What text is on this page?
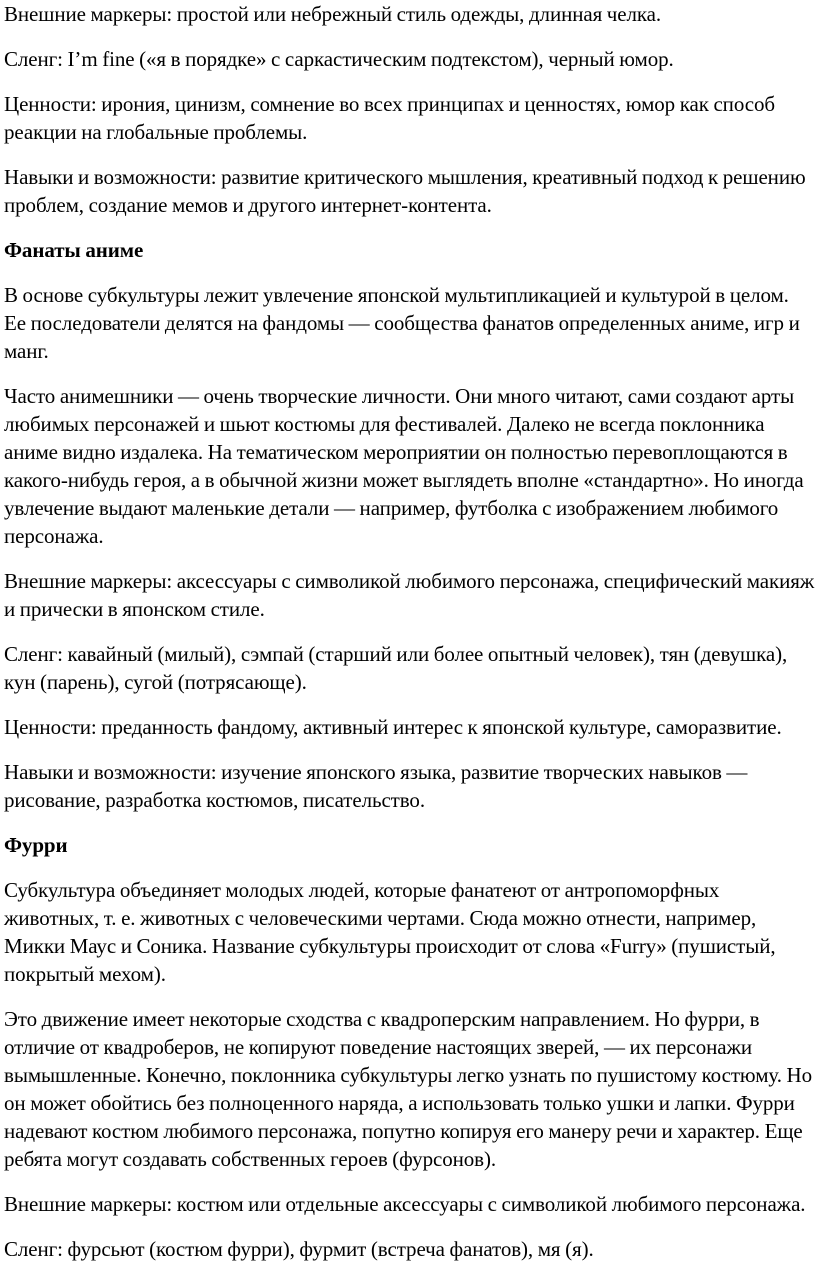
Внешние маркеры: простой или небрежный стиль одежды, длинная челка.

Сленг: I’m fine («я в порядке» с саркастическим подтекстом), черный юмор.

Ценности: ирония, цинизм, сомнение во всех принципах и ценностях, юмор как способ реакции на глобальные проблемы.

Навыки и возможности: развитие критического мышления, креативный подход к решению проблем, создание мемов и другого интернет-контента.

Фанаты аниме

В основе субкультуры лежит увлечение японской мультипликацией и культурой в целом. Ее последователи делятся на фандомы — сообщества фанатов определенных аниме, игр и манг.

Часто анимешники — очень творческие личности. Они много читают, сами создают арты любимых персонажей и шьют костюмы для фестивалей. Далеко не всегда поклонника аниме видно издалека. На тематическом мероприятии он полностью перевоплощаются в какого-нибудь героя, а в обычной жизни может выглядеть вполне «стандартно». Но иногда увлечение выдают маленькие детали — например, футболка с изображением любимого персонажа.

Внешние маркеры: аксессуары с символикой любимого персонажа, специфический макияж и прически в японском стиле.

Сленг: кавайный (милый), сэмпай (старший или более опытный человек), тян (девушка), кун (парень), сугой (потрясающе).

Ценности: преданность фандому, активный интерес к японской культуре, саморазвитие.

Навыки и возможности: изучение японского языка, развитие творческих навыков — рисование, разработка костюмов, писательство.

Фурри

Субкультура объединяет молодых людей, которые фанатеют от антропоморфных животных, т. е. животных с человеческими чертами. Сюда можно отнести, например, Микки Маус и Соника. Название субкультуры происходит от слова «Furry» (пушистый, покрытый мехом).

Это движение имеет некоторые сходства с квадроперским направлением. Но фурри, в отличие от квадроберов, не копируют поведение настоящих зверей, — их персонажи вымышленные. Конечно, поклонника субкультуры легко узнать по пушистому костюму. Но он может обойтись без полноценного наряда, а использовать только ушки и лапки. Фурри надевают костюм любимого персонажа, попутно копируя его манеру речи и характер. Еще ребята могут создавать собственных героев (фурсонов).

Внешние маркеры: костюм или отдельные аксессуары с символикой любимого персонажа.

Сленг: фурсьют (костюм фурри), фурмит (встреча фанатов), мя (я).
